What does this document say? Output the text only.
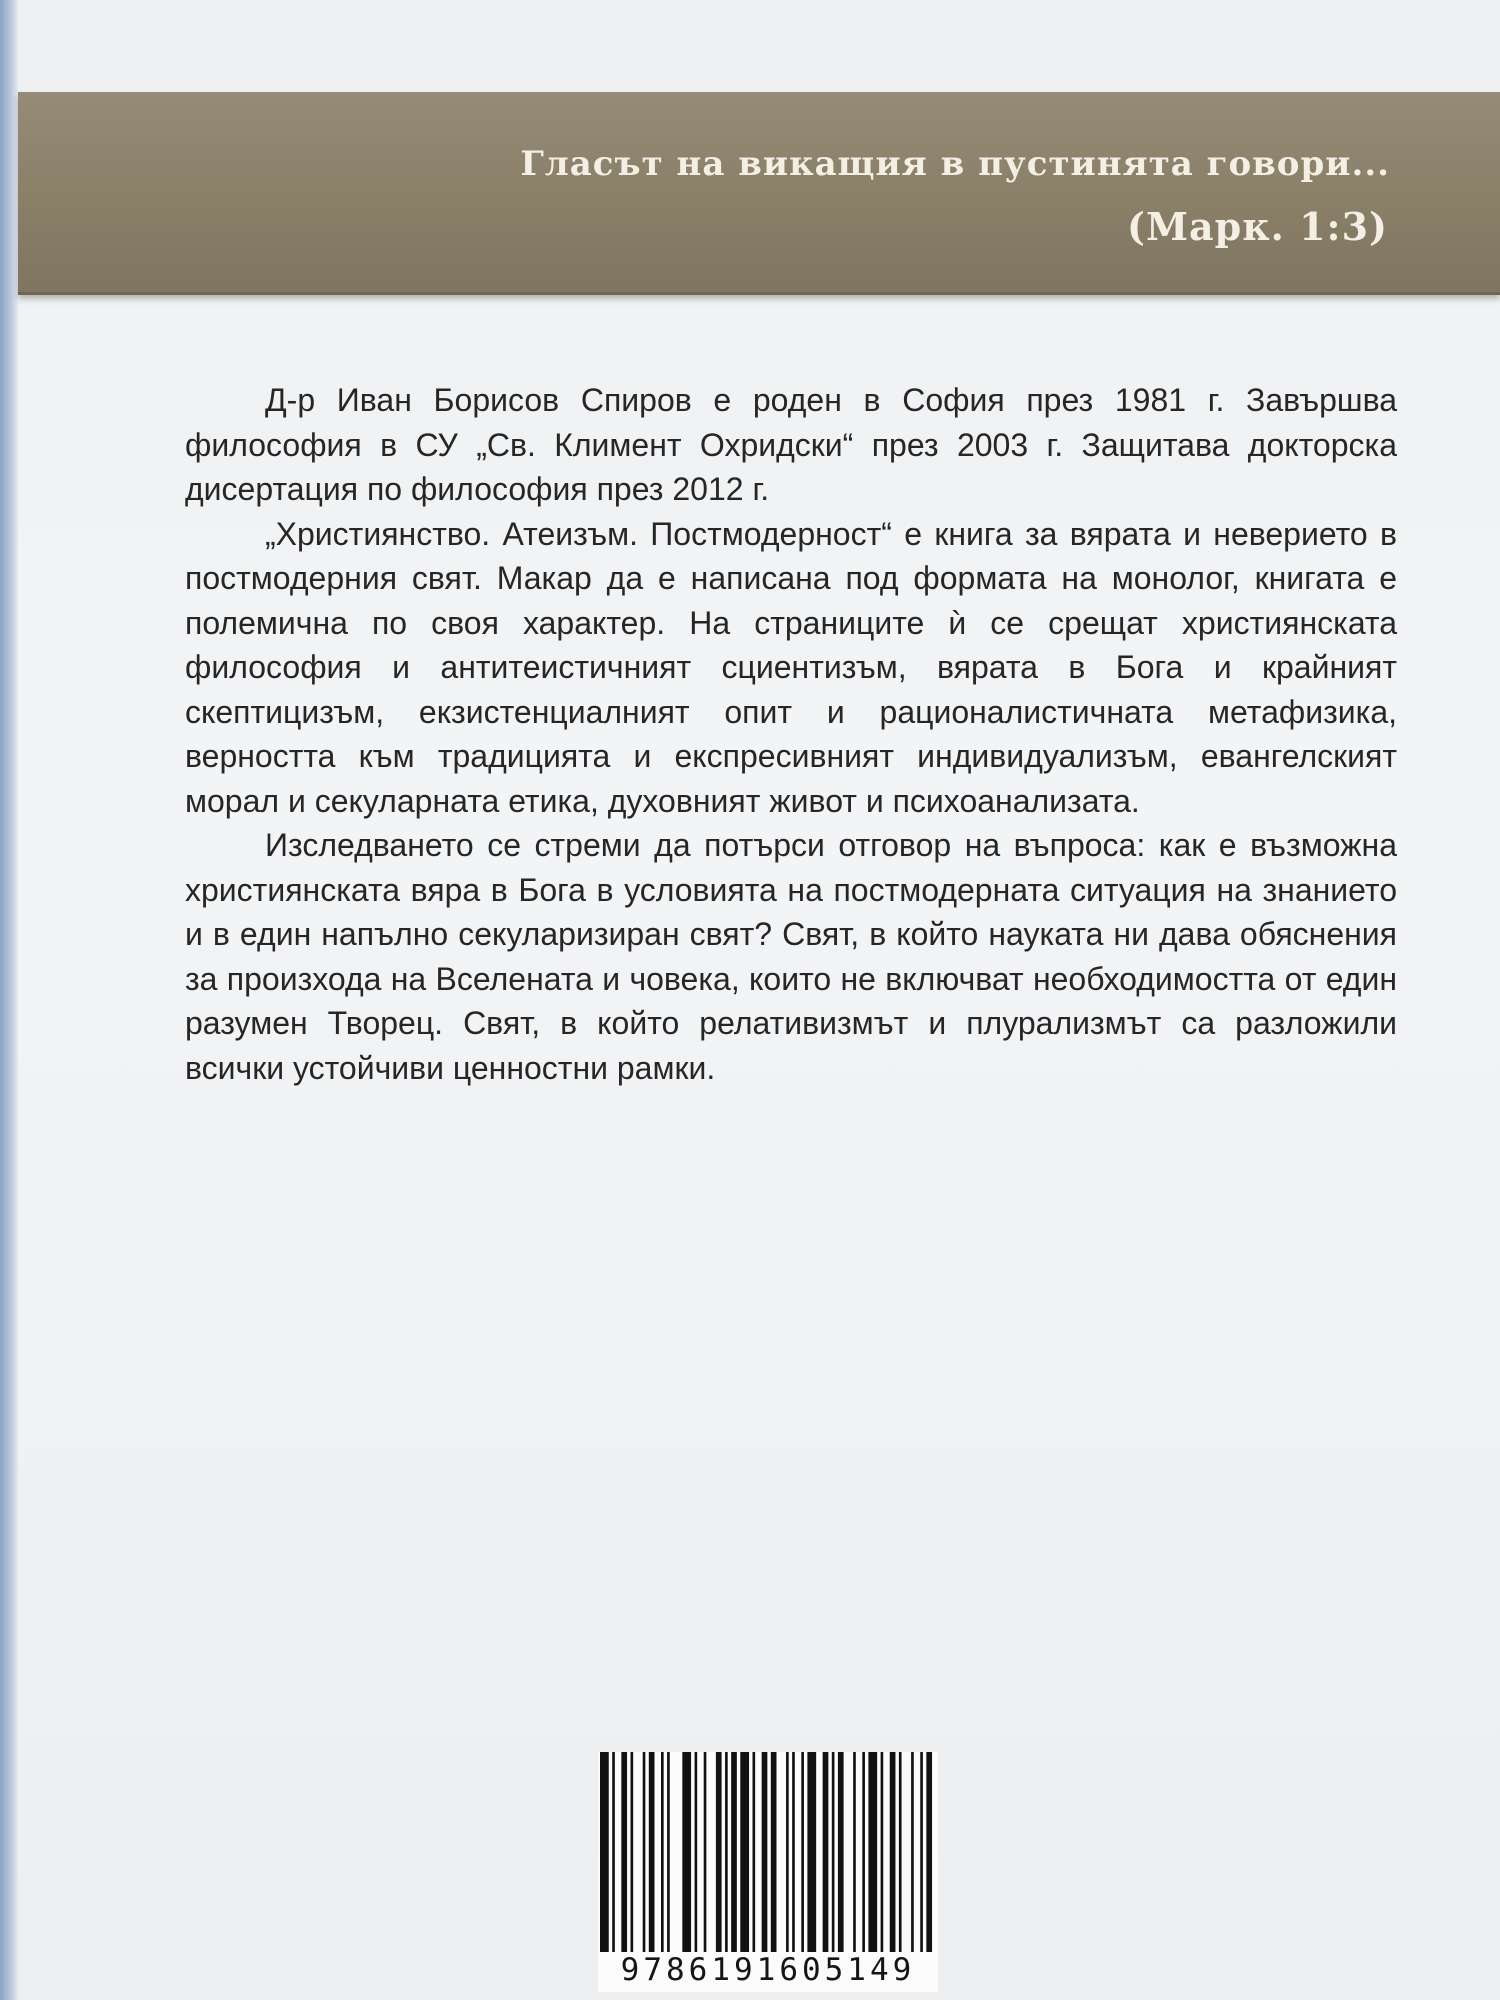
Гласът на викащия в пустинята говори...
(Марк. 1:3)

Д-р Иван Борисов Спиров е роден в София през 1981 г. Завършва философия в СУ „Св. Климент Охридски“ през 2003 г. Защитава докторска дисертация по философия през 2012 г.

„Християнство. Атеизъм. Постмодерност“ е книга за вярата и неверието в постмодерния свят. Макар да е написана под формата на монолог, книгата е полемична по своя характер. На страниците ѝ се срещат християнската философия и антитеистичният сциентизъм, вярата в Бога и крайният скептицизъм, екзистенциалният опит и рационалистичната метафизика, верността към традицията и експресивният индивидуализъм, евангелският морал и секуларната етика, духовният живот и психоанализата.

Изследването се стреми да потърси отговор на въпроса: как е възможна християнската вяра в Бога в условията на постмодерната ситуация на знанието и в един напълно секуларизиран свят? Свят, в който науката ни дава обяснения за произхода на Вселената и човека, които не включват необходимостта от един разумен Творец. Свят, в който релативизмът и плурализмът са разложили всички устойчиви ценностни рамки.

9786191605149
